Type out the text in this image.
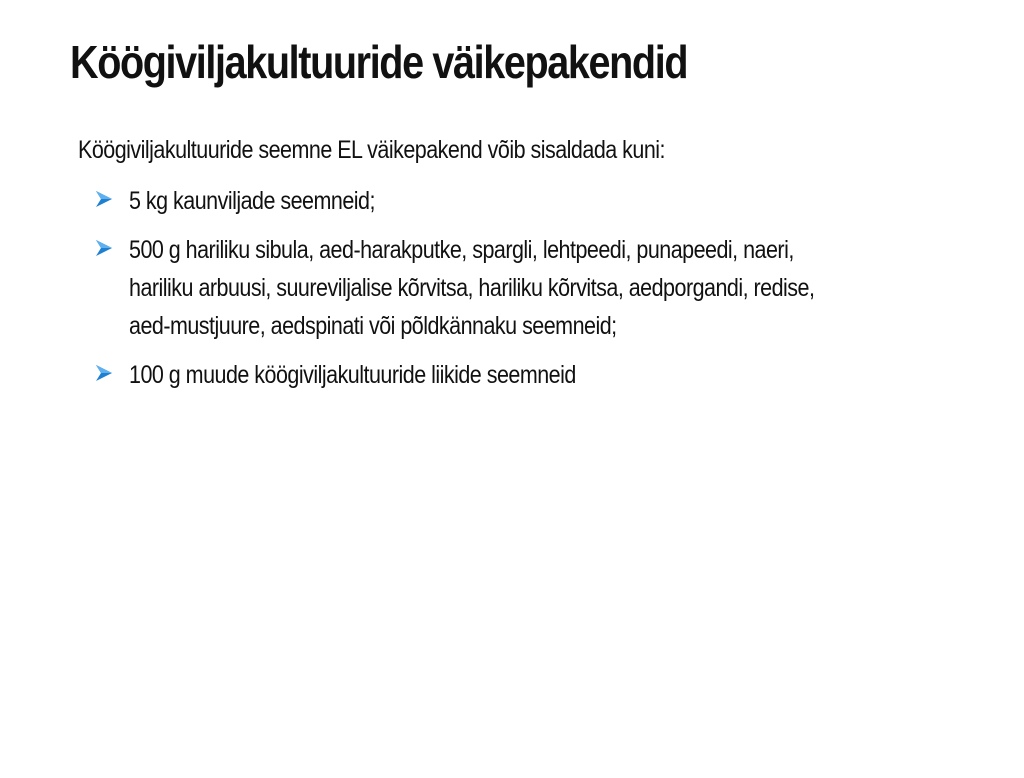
Köögiviljakultuuride väikepakendid

Köögiviljakultuuride seemne EL väikepakend võib sisaldada kuni:

5 kg kaunviljade seemneid;
500 g hariliku sibula, aed-harakputke, spargli, lehtpeedi, punapeedi, naeri,
hariliku arbuusi, suureviljalise kõrvitsa, hariliku kõrvitsa, aedporgandi, redise,
aed-mustjuure, aedspinati või põldkännaku seemneid;
100 g muude köögiviljakultuuride liikide seemneid
